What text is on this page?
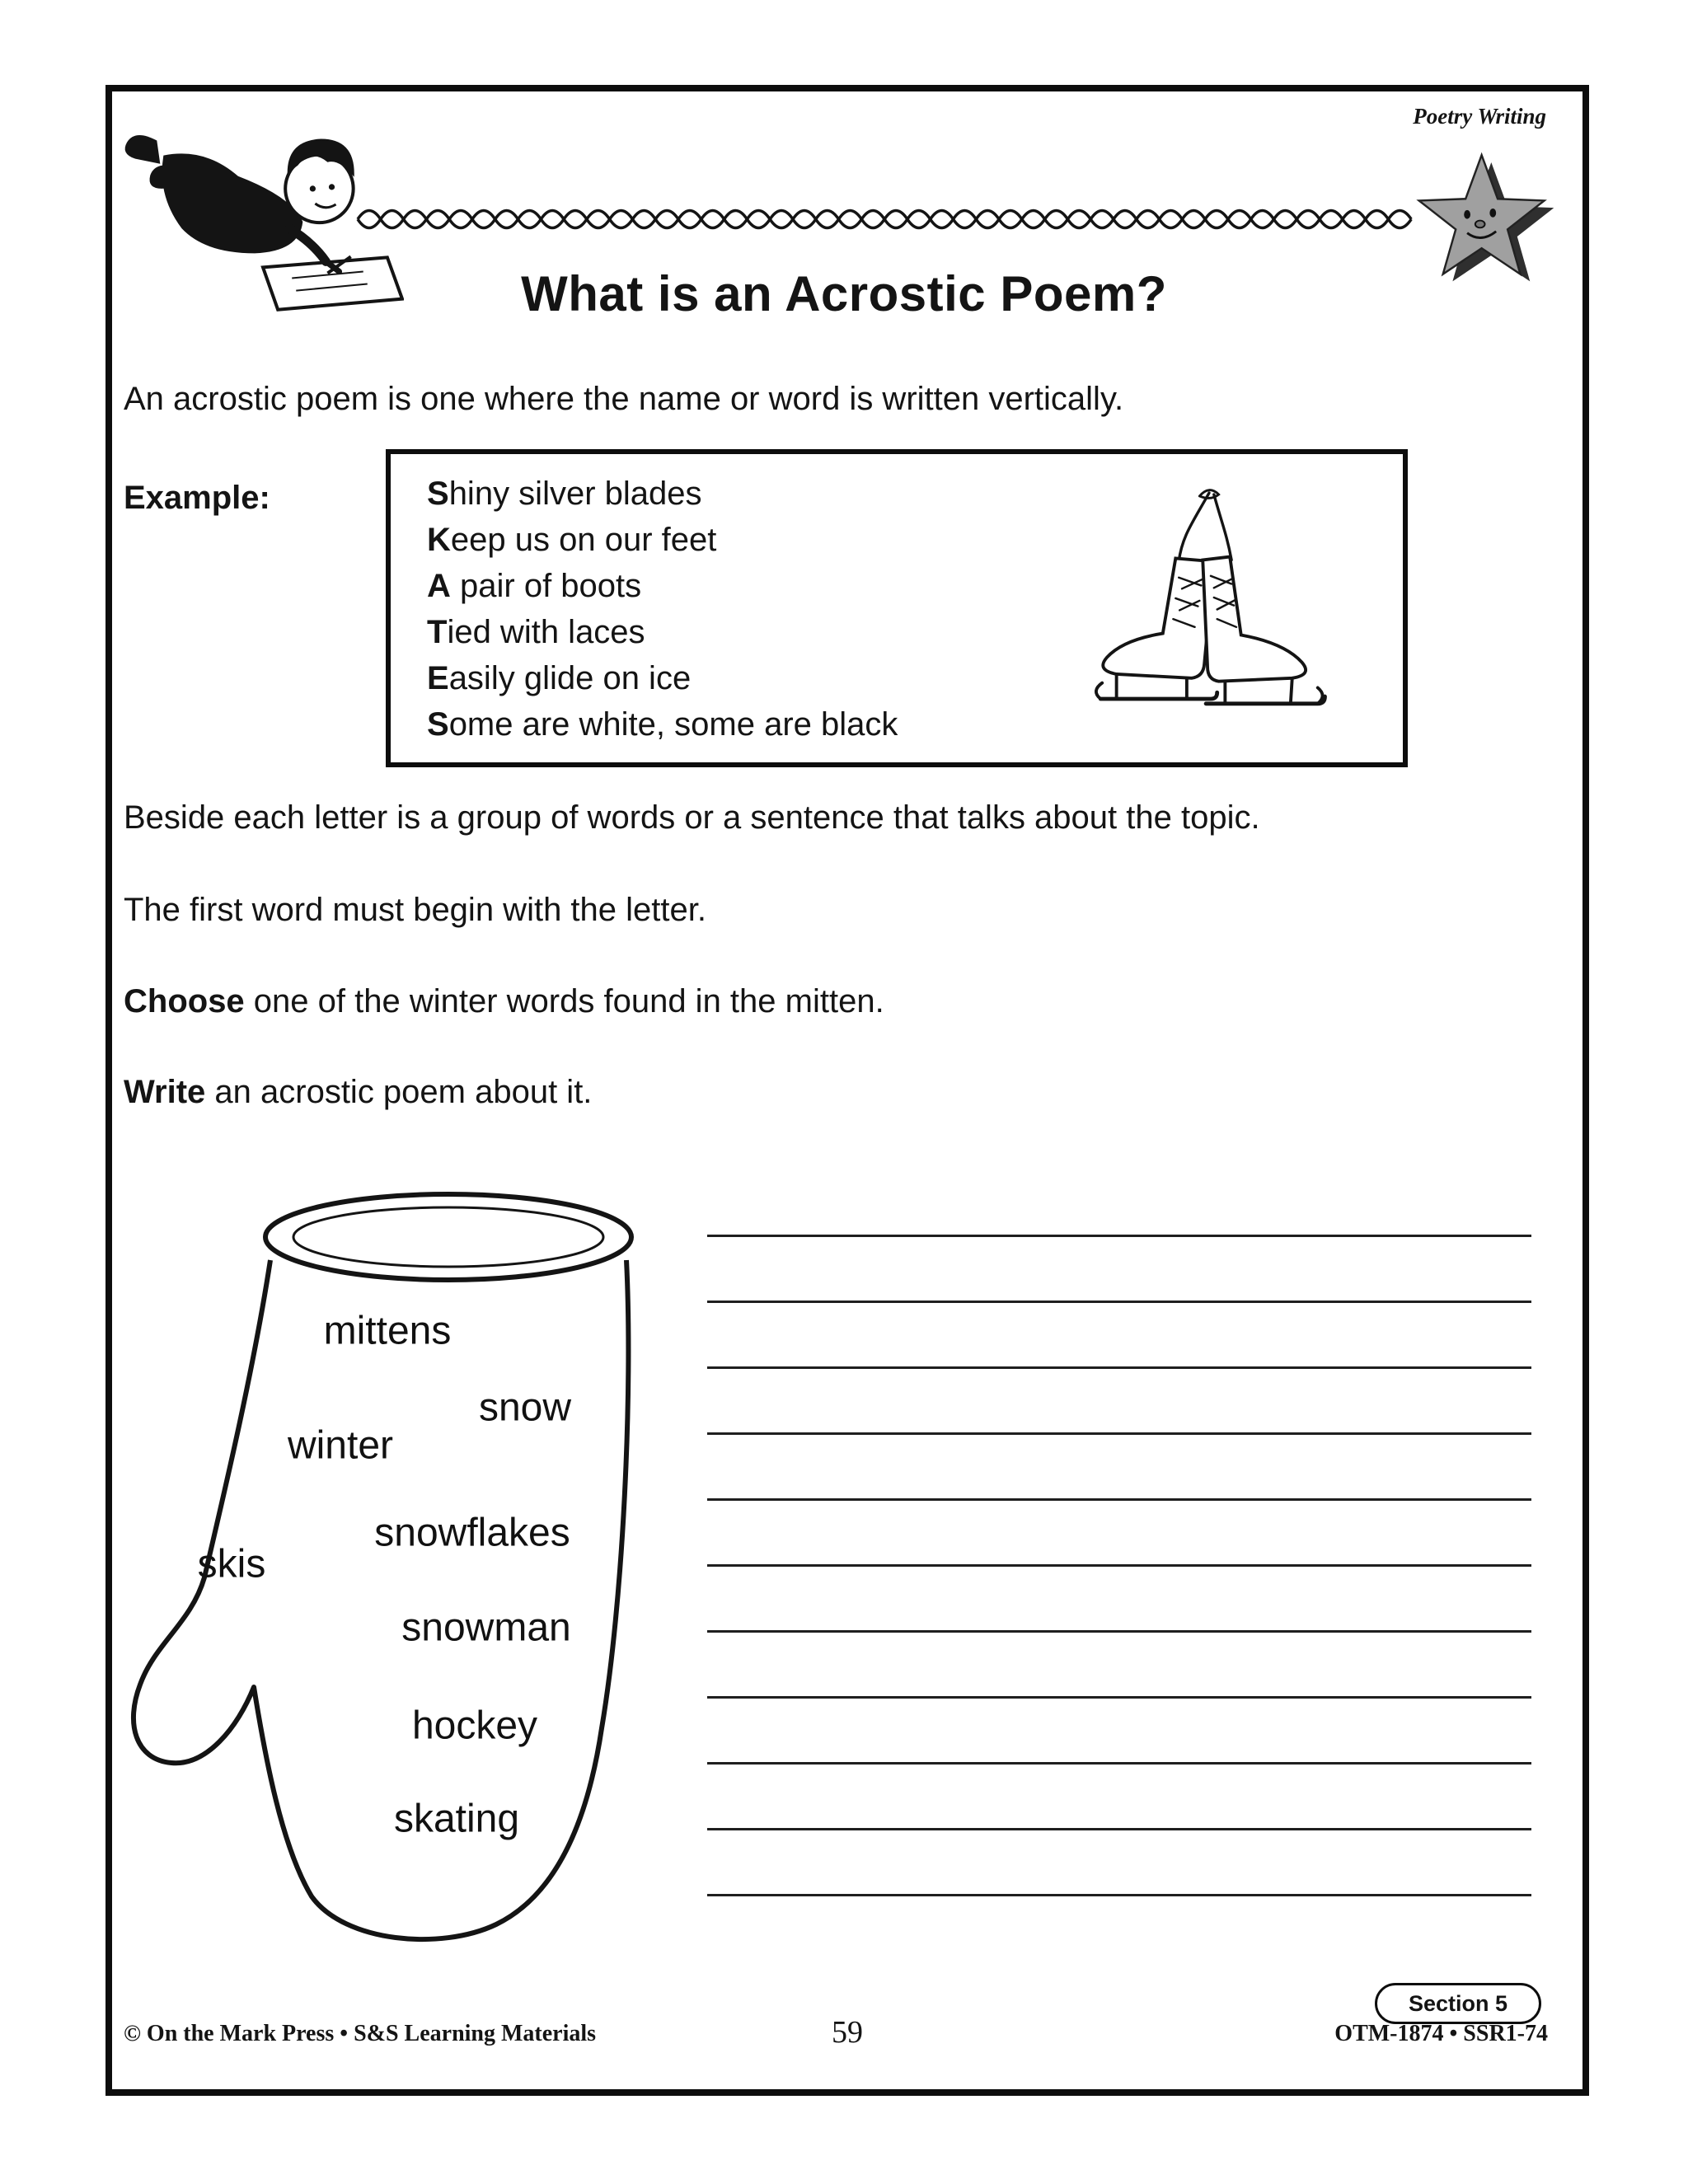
Poetry Writing
What is an Acrostic Poem?
An acrostic poem is one where the name or word is written vertically.
Example:	Shiny silver blades
Keep us on our feet
A pair of boots
Tied with laces
Easily glide on ice
Some are white, some are black
Beside each letter is a group of words or a sentence that talks about the topic.
The first word must begin with the letter.
Choose one of the winter words found in the mitten.
Write an acrostic poem about it.
mittens
snow
winter
snowflakes
skis
snowman
hockey
skating
Section 5
© On the Mark Press • S&S Learning Materials	59	OTM-1874 • SSR1-74
